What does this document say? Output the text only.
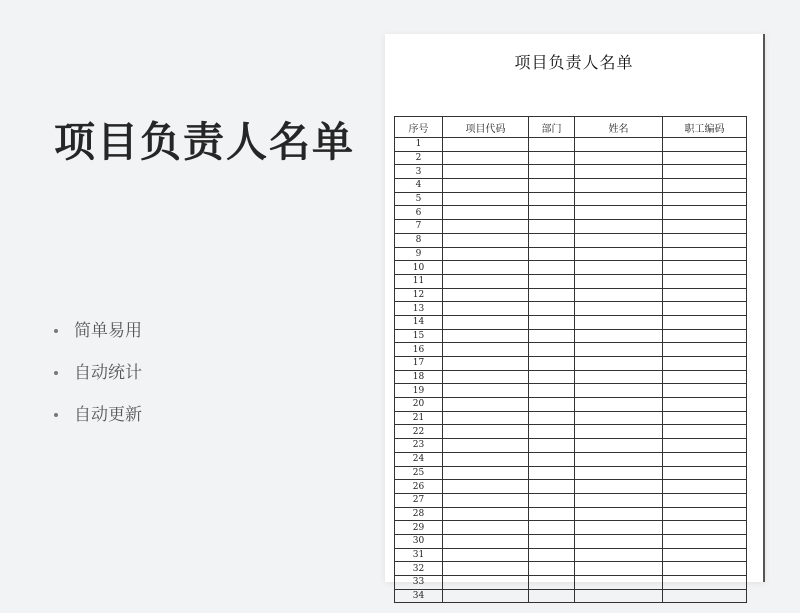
项目负责人名单
简单易用
自动统计
自动更新
项目负责人名单
序号	项目代码	部门	姓名	职工编码
1				
2				
3				
4				
5				
6				
7				
8				
9				
10				
11				
12				
13				
14				
15				
16				
17				
18				
19				
20				
21				
22				
23				
24				
25				
26				
27				
28				
29				
30				
31				
32				
33				
34				
